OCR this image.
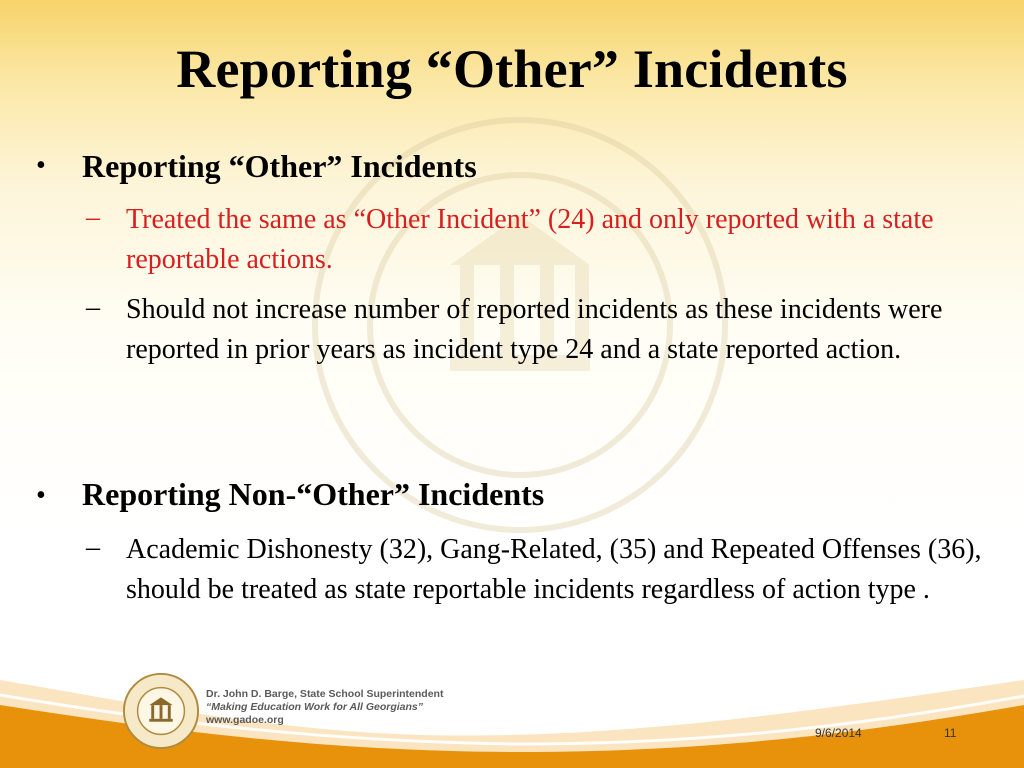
Reporting “Other” Incidents
• Reporting “Other” Incidents
– Treated the same as “Other Incident” (24) and only reported with a state reportable actions.
– Should not increase number of reported incidents as these incidents were reported in prior years as incident type 24 and a state reported action.
• Reporting Non-“Other” Incidents
– Academic Dishonesty (32), Gang-Related, (35) and Repeated Offenses (36), should be treated as state reportable incidents regardless of action type .
Dr. John D. Barge, State School Superintendent
“Making Education Work for All Georgians”
www.gadoe.org
9/6/2014	11
